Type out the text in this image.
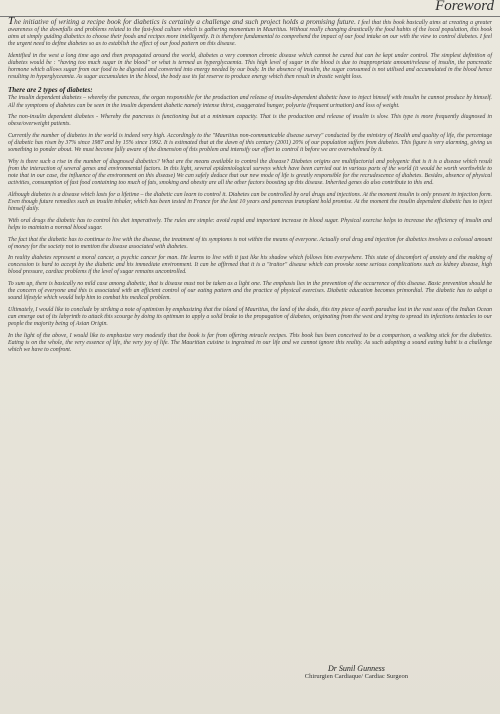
Foreword

The initiative of writing a recipe book for diabetics is certainly a challenge and such project holds a promising future. I feel that this book basically aims at creating a greater awareness of the downfalls and problems related to the fast-food culture which is gathering momentum in Mauritius. Without really changing drastically the food habits of the local population, this book aims at simply guiding diabetics to choose their foods and recipes more intelligently. It is therefore fundamental to comprehend the impact of our food intake on our with the view to control diabetes. I feel the urgent need to define diabetes so as to establish the effect of our food pattern on this disease.

Identified in the west a long time ago and then propagated around the world, diabetes a very common chronic disease which cannot be cured but can be kept under control. The simplest definition of diabetes would be : "having too much sugar in the blood" or what is termed as hyperglycaemia. This high level of sugar in the blood is due to inappropriate amount/release of insulin, the pancreatic hormone which allows sugar from our food to be digested and converted into energy needed by our body. In the absence of insulin, the sugar consumed is not utilised and accumulated in the blood hence resulting in hyperglyceamia. As sugar accumulates in the blood, the body use its fat reserve to produce energy which then result in drastic weight loss.

There are 2 types of diabetes:

The insulin dependent diabetes – whereby the pancreas, the organ responsible for the production and release of insulin-dependent diabetic have to inject himself with insulin he cannot produce by himself. All the symptoms of diabetes can be seen in the insulin dependent diabetic namely intense thirst, exaggerated hunger, polyuria (frequent urination) and loss of weight.

The non-insulin dependent diabetes - Whereby the pancreas is functioning but at a minimum capacity. That is the production and release of insulin is slow. This type is more frequently diagnosed in obese/overweight patients.

Currently the number of diabetes in the world is indeed very high. Accordingly to the "Mauritius non-communicable disease survey" conducted by the ministry of Health and quality of life, the percentage of diabetic has risen by 37% since 1987 and by 15% since 1992. It is estimated that at the dawn of this century (2001) 20% of our population suffers from diabetes. This figure is very alarming, giving us something to ponder about. We must become fully aware of the dimension of this problem and intensify our effort to control it before we are overwhelmed by it.

Why is there such a rise in the number of diagnosed diabetics? What are the means available to control the disease? Diabetes origins are multifactorial and polygenic that is it is a disease which result from the interaction of several genes and environmental factors. In this light, several epidemiological surveys which have been carried out in various parts of the world (it would be worth worthwhile to note that in our case, the influence of the environment on this disease) We can safely deduce that our new mode of life is greatly responsible for the recrudescence of diabetes. Besides, absence of physical activities, consumption of fast food containing too much of fats, smoking and obesity are all the other factors boosting up this disease. Inherited genes do also contribute to this end.

Although diabetes is a disease which lasts for a lifetime – the diabetic can learn to control it. Diabetes can be controlled by oral drugs and injections. At the moment insulin is only present in injection form. Even though future remedies such as insulin inhaler, which has been tested in France for the last 10 years and pancreas transplant hold promise. At the moment the insulin dependent diabetic has to inject himself daily.

With oral drugs the diabetic has to control his diet imperatively. The rules are simple: avoid rapid and important increase in blood sugar. Physical exercise helps to increase the efficiency of insulin and helps to maintain a normal blood sugar.

The fact that the diabetic has to continue to live with the disease, the treatment of its symptoms is not within the means of everyone. Actually oral drug and injection for diabetics involves a colossal amount of money for the society not to mention the disease associated with diabetes.

In reality diabetes represent a moral cancer, a psychic cancer for man. He learns to live with it just like his shadow which follows him everywhere. This state of discomfort of anxiety and the making of concession is hard to accept by the diabetic and his immediate environment. It can be affirmed that it is a "traitor" disease which can provoke some serious complications such as kidney disease, high blood pressure, cardiac problems if the level of sugar remains uncontrolled.

To sum up, there is basically no mild case among diabetic, that is disease must not be taken as a light one. The emphasis lies in the prevention of the occurrence of this disease. Basic prevention should be the concern of everyone and this is associated with an efficient control of our eating pattern and the practice of physical exercises. Diabetic education becomes primordial. The diabetic has to adopt a sound lifestyle which would help him to combat his medical problem.

Ultimately, I would like to conclude by striking a note of optimism by emphasizing that the island of Mauritius, the land of the dodo, this tiny piece of earth paradise lost in the vast seas of the Indian Ocean can emerge out of its labyrinth to attack this scourge by doing its optimum to apply a solid brake to the propagation of diabetes, originating from the west and trying to spread its infections tentacles to our people the majority being of Asian Origin.

In the light of the above, I would like to emphasize very modestly that the book is far from offering miracle recipes. This book has been conceived to be a comparison, a walking stick for the diabetics. Eating is on the whole, the very essence of life, the very joy of life. The Mauritian cuisine is ingrained in our life and we cannot ignore this reality. As such adopting a sound eating habit is a challenge which we have to confront.

Dr Sunil Gunness
Chirurgien Cardiaque/ Cardiac Surgeon
